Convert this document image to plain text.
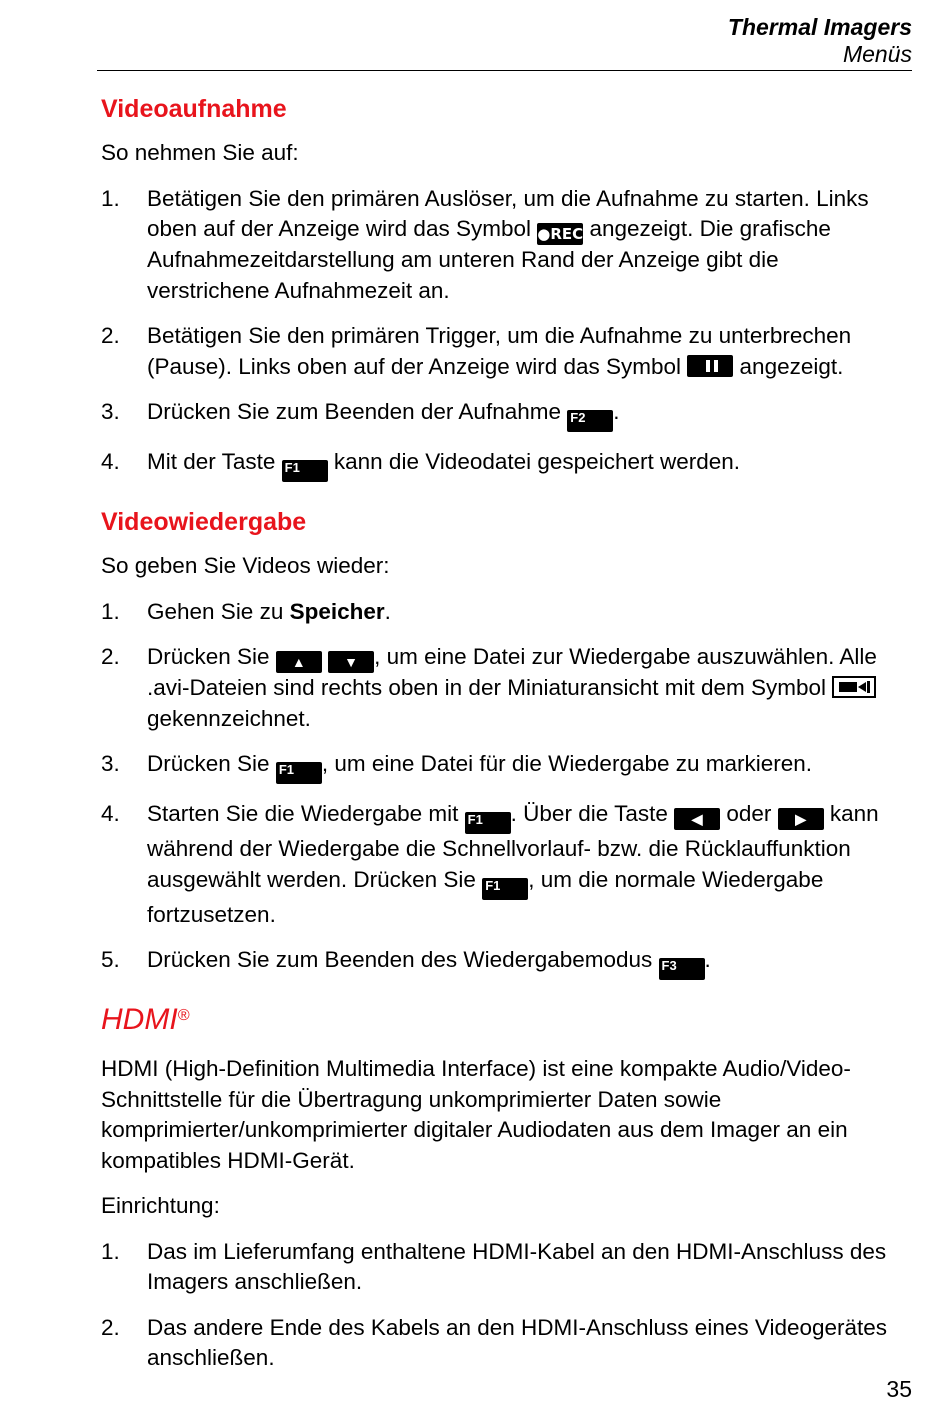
Thermal Imagers
Menüs
Videoaufnahme

So nehmen Sie auf:

1. Betätigen Sie den primären Auslöser, um die Aufnahme zu starten. Links oben auf der Anzeige wird das Symbol ●REC angezeigt. Die grafische Aufnahmezeitdarstellung am unteren Rand der Anzeige gibt die verstrichene Aufnahmezeit an.
2. Betätigen Sie den primären Trigger, um die Aufnahme zu unterbrechen (Pause). Links oben auf der Anzeige wird das Symbol
angezeigt.
3. Drücken Sie zum Beenden der Aufnahme F2 .
4. Mit der Taste F1 kann die Videodatei gespeichert werden.
Videowiedergabe

So geben Sie Videos wieder:

1. Gehen Sie zu Speicher.
2. Drücken Sie ▲	▼ , um eine Datei zur Wiedergabe auszuwählen. Alle .avi-Dateien sind rechts oben in der Miniaturansicht mit dem Symbol
gekennzeichnet.
3. Drücken Sie F1 , um eine Datei für die Wiedergabe zu markieren.
4. Starten Sie die Wiedergabe mit F1 . Über die Taste ◀ oder ▶ kann während der Wiedergabe die Schnellvorlauf- bzw. die Rücklauffunktion ausgewählt werden. Drücken Sie F1 , um die normale Wiedergabe fortzusetzen.
5. Drücken Sie zum Beenden des Wiedergabemodus F3 .
HDMI®

HDMI (High-Definition Multimedia Interface) ist eine kompakte Audio/Video-Schnittstelle für die Übertragung unkomprimierter Daten sowie komprimierter/unkomprimierter digitaler Audiodaten aus dem Imager an ein kompatibles HDMI-Gerät.

Einrichtung:

1. Das im Lieferumfang enthaltene HDMI-Kabel an den HDMI-Anschluss des Imagers anschließen.
2. Das andere Ende des Kabels an den HDMI-Anschluss eines Videogerätes anschließen.
35
